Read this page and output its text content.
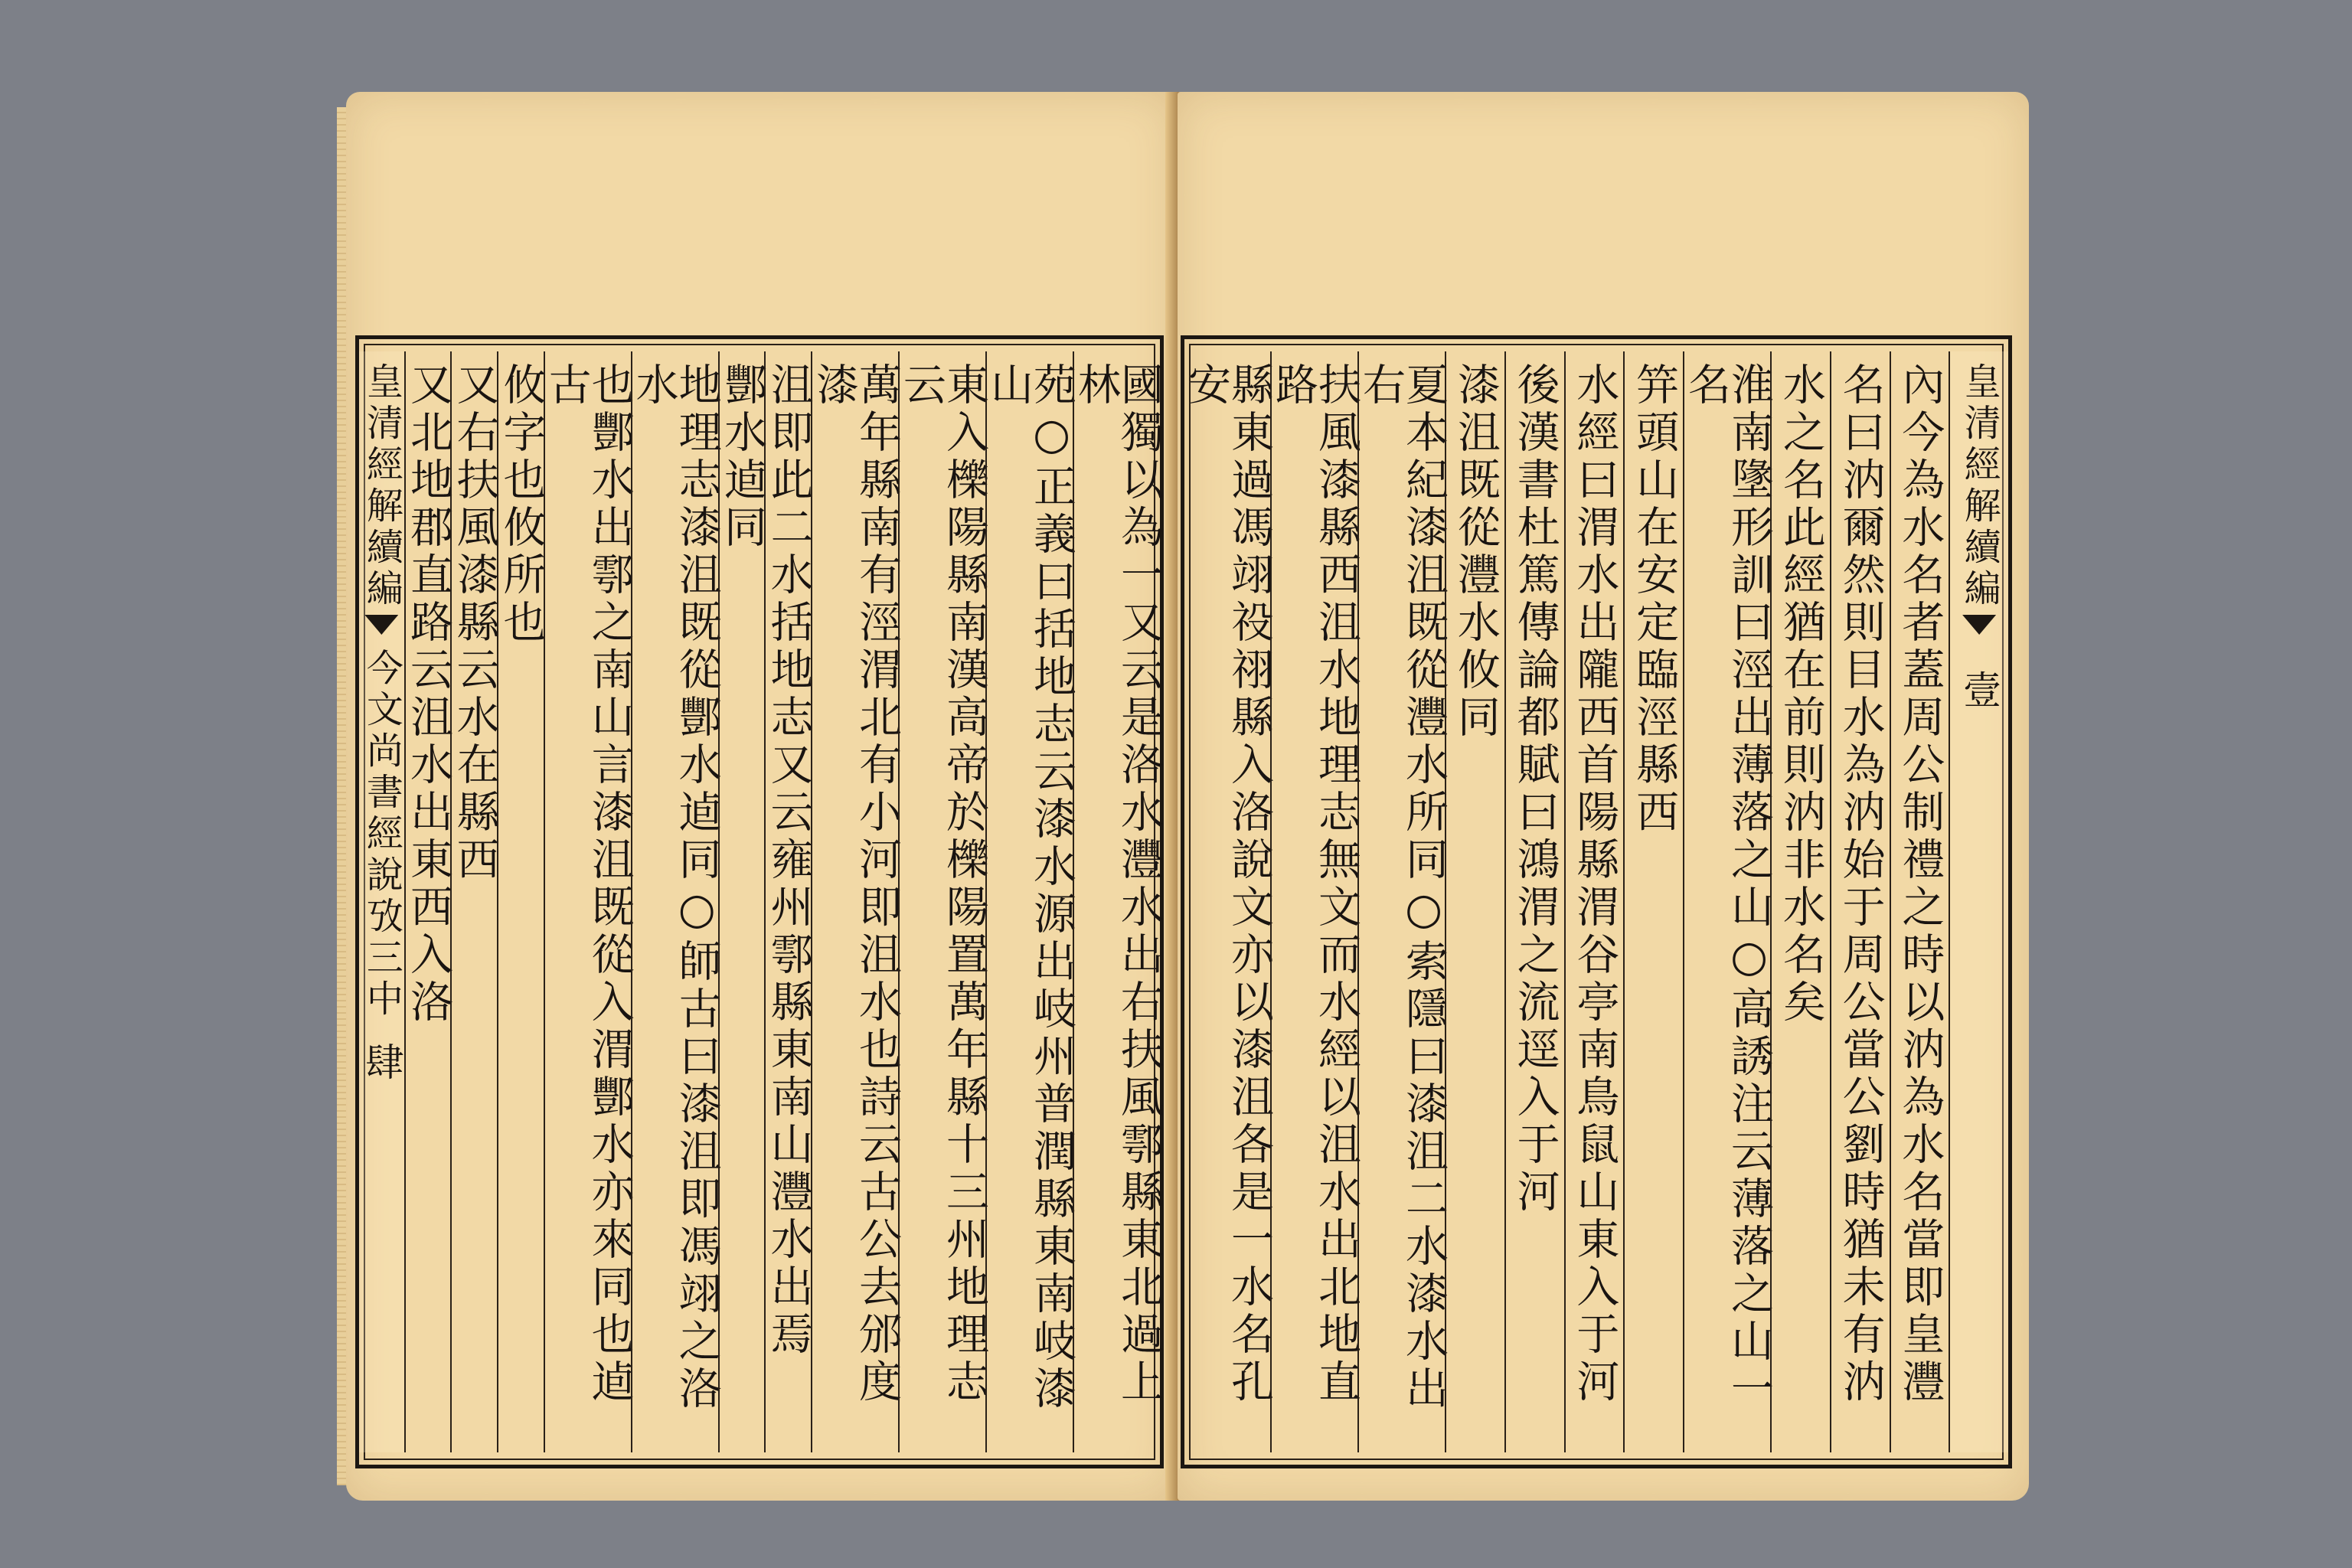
國獨以為一又云是洛水灃水出右扶風鄠縣東北過上林
苑○正義曰括地志云漆水源出岐州普潤縣東南岐漆山
東入櫟陽縣南漢高帝於櫟陽置萬年縣十三州地理志云
萬年縣南有涇渭北有小河即沮水也詩云古公去邠度漆
沮即此二水括地志又云雍州鄠縣東南山灃水出焉
酆水逌同
地理志漆沮既從酆水逌同○師古曰漆沮即馮翊之洛水
也酆水出鄠之南山言漆沮既從入渭酆水亦來同也逌古
攸字也攸所也
又右扶風漆縣云水在縣西
又北地郡直路云沮水出東西入洛
皇清經解續編
今文尚書經說攷三中
肆
皇清經解續編
壹
內今為水名者蓋周公制禮之時以汭為水名當即皇灃
名曰汭爾然則目水為汭始于周公當公劉時猶未有汭
水之名此經猶在前則汭非水名矣
淮南墬形訓曰涇出薄落之山○高誘注云薄落之山一名
笄頭山在安定臨涇縣西
水經曰渭水出隴西首陽縣渭谷亭南鳥鼠山東入于河
後漢書杜篤傳論都賦曰鴻渭之流逕入于河
漆沮既從灃水攸同
夏本紀漆沮既從灃水所同○索隱曰漆沮二水漆水出右
扶風漆縣西沮水地理志無文而水經以沮水出北地直路
縣東過馮翊祋祤縣入洛說文亦以漆沮各是一水名孔安
